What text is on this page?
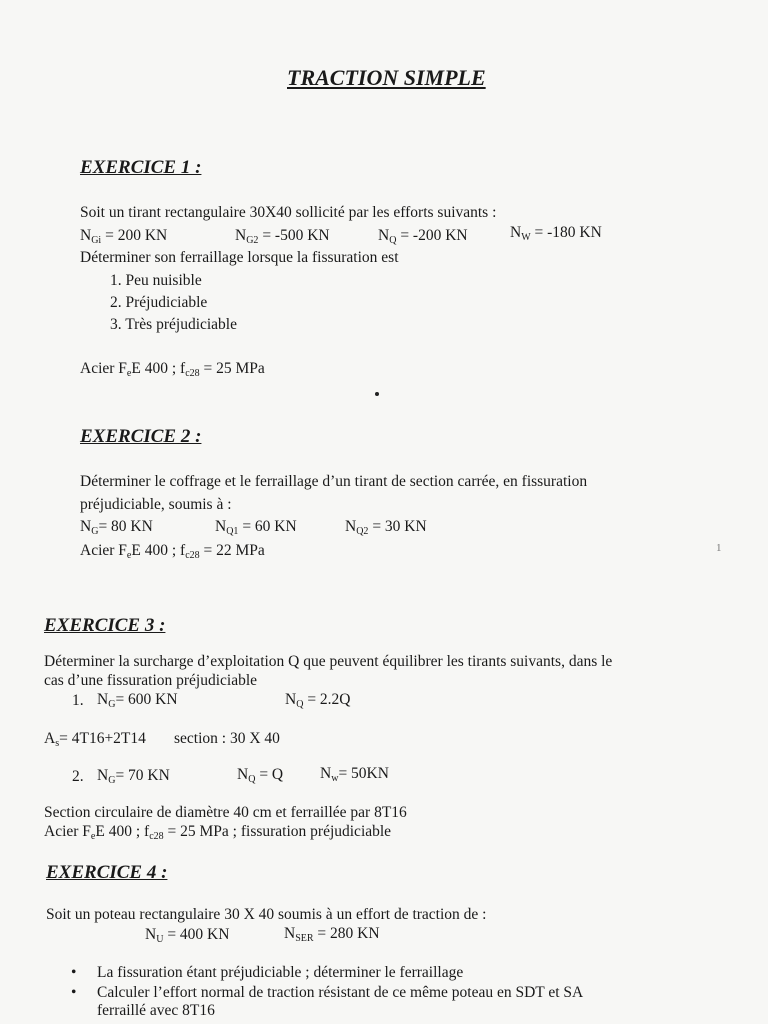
TRACTION SIMPLE
EXERCICE 1 :
Soit un tirant rectangulaire 30X40 sollicité par les efforts suivants :
$N_{Gi} = 200$ KN	$N_{G2} = -500$ KN	$N_Q = -200$ KN	$N_W = -180$ KN
Déterminer son ferraillage lorsque la fissuration est
1. Peu nuisible
2. Préjudiciable
3. Très préjudiciable
Acier $F_eE$ 400 ; $f_{c28} = 25$ MPa
EXERCICE 2 :
Déterminer le coffrage et le ferraillage d’un tirant de section carrée, en fissuration
préjudiciable, soumis à :
$N_G= 80$ KN	$N_{Q1} = 60$ KN	$N_{Q2} = 30$ KN
Acier $F_eE$ 400 ; $f_{c28} = 22$ MPa	1
EXERCICE 3 :
Déterminer la surcharge d’exploitation Q que peuvent équilibrer les tirants suivants, dans le
cas d’une fissuration préjudiciable
1. $N_G= 600$ KN	$N_Q = 2.2Q$
$A_s= 4T16+2T14$ section : 30 X 40
2. $N_G= 70$ KN	$N_Q = Q$ $N_w= 50KN$
Section circulaire de diamètre 40 cm et ferraillée par 8T16
Acier $F_eE$ 400 ; $f_{c28} = 25$ MPa ; fissuration préjudiciable
EXERCICE 4 :
Soit un poteau rectangulaire 30 X 40 soumis à un effort de traction de :
$N_U = 400$ KN	$N_{SER} = 280$ KN
• La fissuration étant préjudiciable ; déterminer le ferraillage
• Calculer l’effort normal de traction résistant de ce même poteau en SDT et SA
ferraillé avec 8T16
